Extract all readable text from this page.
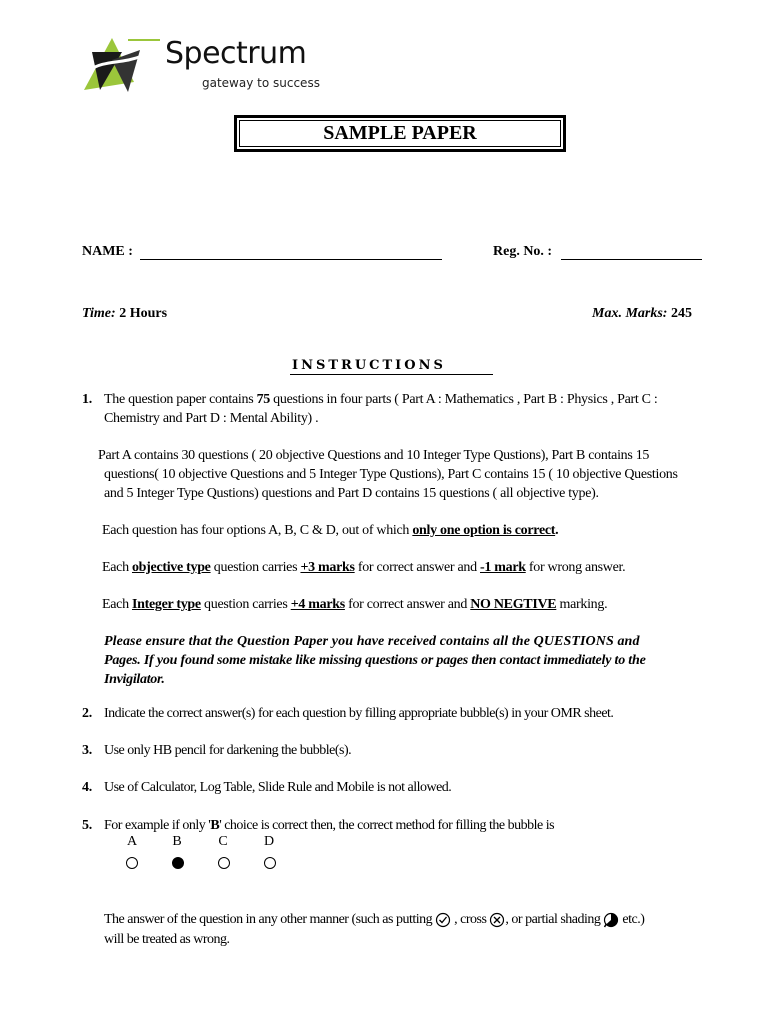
Spectrum
gateway to success
SAMPLE PAPER
NAME :	Reg. No. :
Time: 2 Hours	Max. Marks: 245
INSTRUCTIONS
1. The question paper contains 75 questions in four parts ( Part A : Mathematics , Part B : Physics , Part C :
Chemistry and Part D : Mental Ability) .
Part A contains 30 questions ( 20 objective Questions and 10 Integer Type Qustions), Part B contains 15
questions( 10 objective Questions and 5 Integer Type Qustions), Part C contains 15 ( 10 objective Questions
and 5 Integer Type Qustions) questions and Part D contains 15 questions ( all objective type).
Each question has four options A, B, C & D, out of which only one option is correct.
Each objective type question carries +3 marks for correct answer and -1 mark for wrong answer.
Each Integer type question carries +4 marks for correct answer and NO NEGTIVE marking.
Please ensure that the Question Paper you have received contains all the QUESTIONS and
Pages. If you found some mistake like missing questions or pages then contact immediately to the
Invigilator.
2. Indicate the correct answer(s) for each question by filling appropriate bubble(s) in your OMR sheet.
3. Use only HB pencil for darkening the bubble(s).
4. Use of Calculator, Log Table, Slide Rule and Mobile is not allowed.
5. For example if only 'B' choice is correct then, the correct method for filling the bubble is
A	B	C	D
The answer of the question in any other manner (such as putting  , cross , or partial shading  etc.)
will be treated as wrong.
